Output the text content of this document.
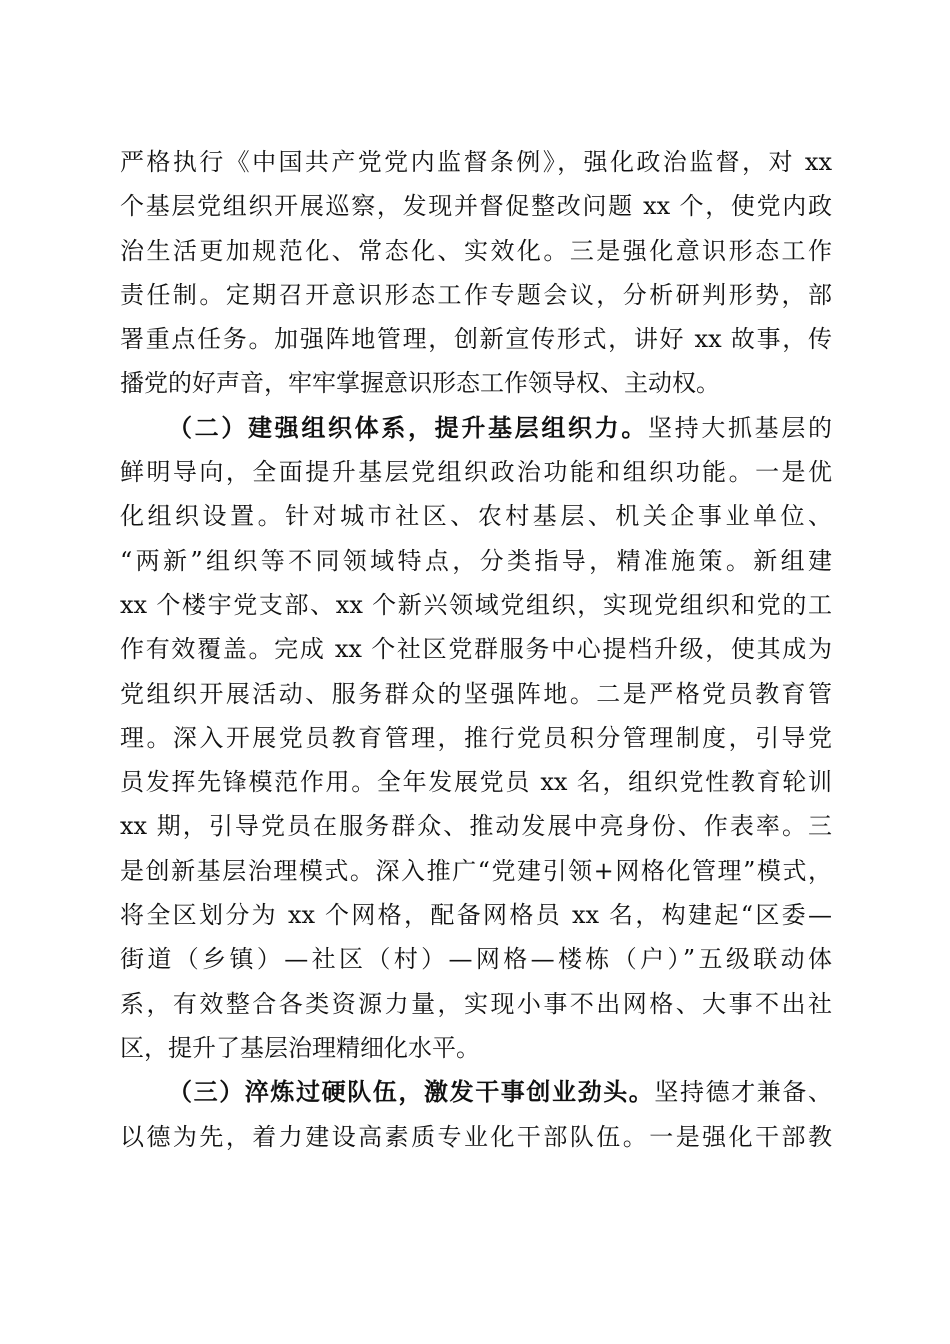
严格执行《中国共产党党内监督条例》，强化政治监督，对 xx
个基层党组织开展巡察，发现并督促整改问题 xx 个，使党内政
治生活更加规范化、常态化、实效化。三是强化意识形态工作
责任制。定期召开意识形态工作专题会议，分析研判形势，部
署重点任务。加强阵地管理，创新宣传形式，讲好 xx 故事，传
播党的好声音，牢牢掌握意识形态工作领导权、主动权。
（二）建强组织体系，提升基层组织力。坚持大抓基层的
鲜明导向，全面提升基层党组织政治功能和组织功能。一是优
化组织设置。针对城市社区、农村基层、机关企事业单位、
“两新”组织等不同领域特点，分类指导，精准施策。新组建
xx 个楼宇党支部、xx 个新兴领域党组织，实现党组织和党的工
作有效覆盖。完成 xx 个社区党群服务中心提档升级，使其成为
党组织开展活动、服务群众的坚强阵地。二是严格党员教育管
理。深入开展党员教育管理，推行党员积分管理制度，引导党
员发挥先锋模范作用。全年发展党员 xx 名，组织党性教育轮训
xx 期，引导党员在服务群众、推动发展中亮身份、作表率。三
是创新基层治理模式。深入推广“党建引领+网格化管理”模式，
将全区划分为 xx 个网格，配备网格员 xx 名，构建起“区委—
街道（乡镇）—社区（村）—网格—楼栋（户）”五级联动体
系，有效整合各类资源力量，实现小事不出网格、大事不出社
区，提升了基层治理精细化水平。
（三）淬炼过硬队伍，激发干事创业劲头。坚持德才兼备、
以德为先，着力建设高素质专业化干部队伍。一是强化干部教
